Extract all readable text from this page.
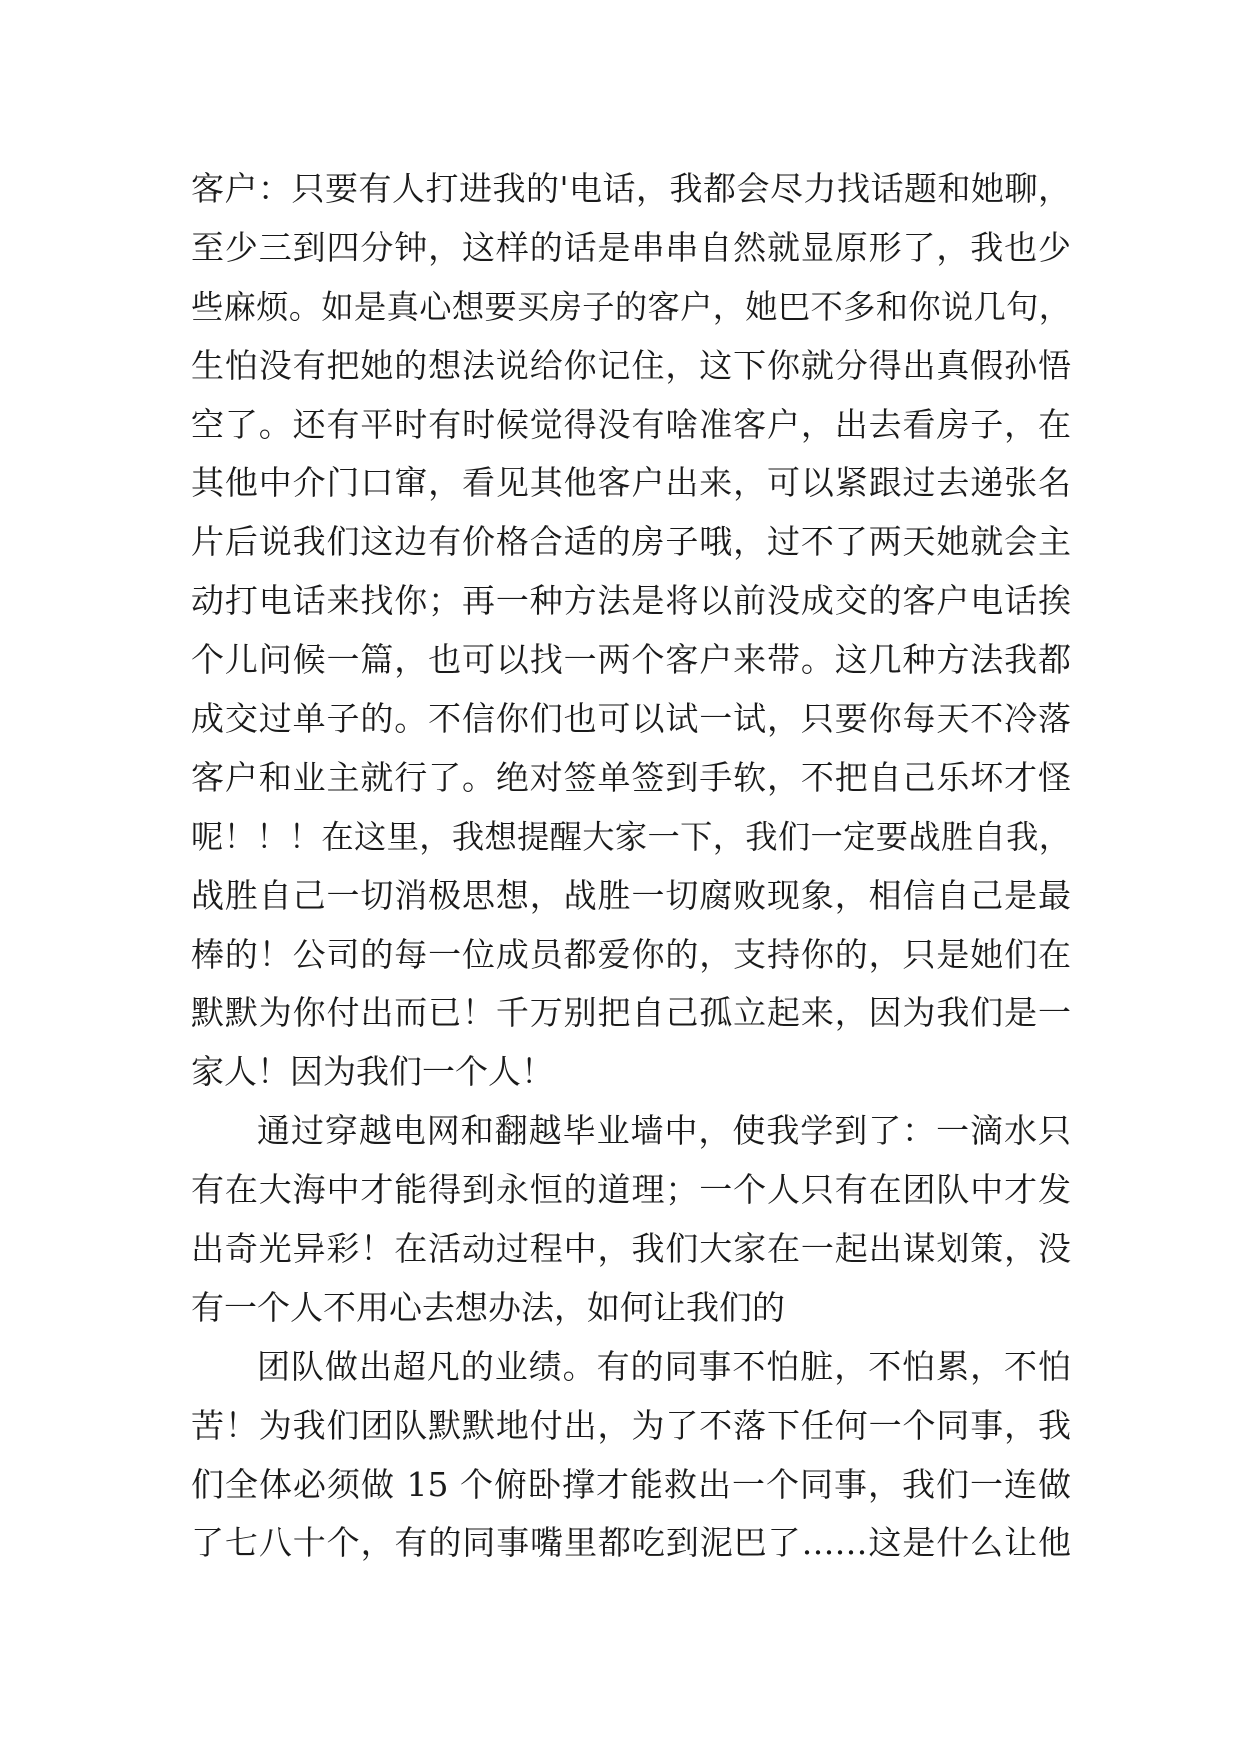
客户：只要有人打进我的'电话，我都会尽力找话题和她聊，
至少三到四分钟，这样的话是串串自然就显原形了，我也少
些麻烦。如是真心想要买房子的客户，她巴不多和你说几句，
生怕没有把她的想法说给你记住，这下你就分得出真假孙悟
空了。还有平时有时候觉得没有啥准客户，出去看房子，在
其他中介门口窜，看见其他客户出来，可以紧跟过去递张名
片后说我们这边有价格合适的房子哦，过不了两天她就会主
动打电话来找你；再一种方法是将以前没成交的客户电话挨
个儿问候一篇，也可以找一两个客户来带。这几种方法我都
成交过单子的。不信你们也可以试一试，只要你每天不冷落
客户和业主就行了。绝对签单签到手软，不把自己乐坏才怪
呢！！！在这里，我想提醒大家一下，我们一定要战胜自我，
战胜自己一切消极思想，战胜一切腐败现象，相信自己是最
棒的！公司的每一位成员都爱你的，支持你的，只是她们在
默默为你付出而已！千万别把自己孤立起来，因为我们是一
家人！因为我们一个人！
通过穿越电网和翻越毕业墙中，使我学到了：一滴水只
有在大海中才能得到永恒的道理；一个人只有在团队中才发
出奇光异彩！在活动过程中，我们大家在一起出谋划策，没
有一个人不用心去想办法，如何让我们的
团队做出超凡的业绩。有的同事不怕脏，不怕累，不怕
苦！为我们团队默默地付出，为了不落下任何一个同事，我
们全体必须做 15 个俯卧撑才能救出一个同事，我们一连做
了七八十个，有的同事嘴里都吃到泥巴了……这是什么让他
